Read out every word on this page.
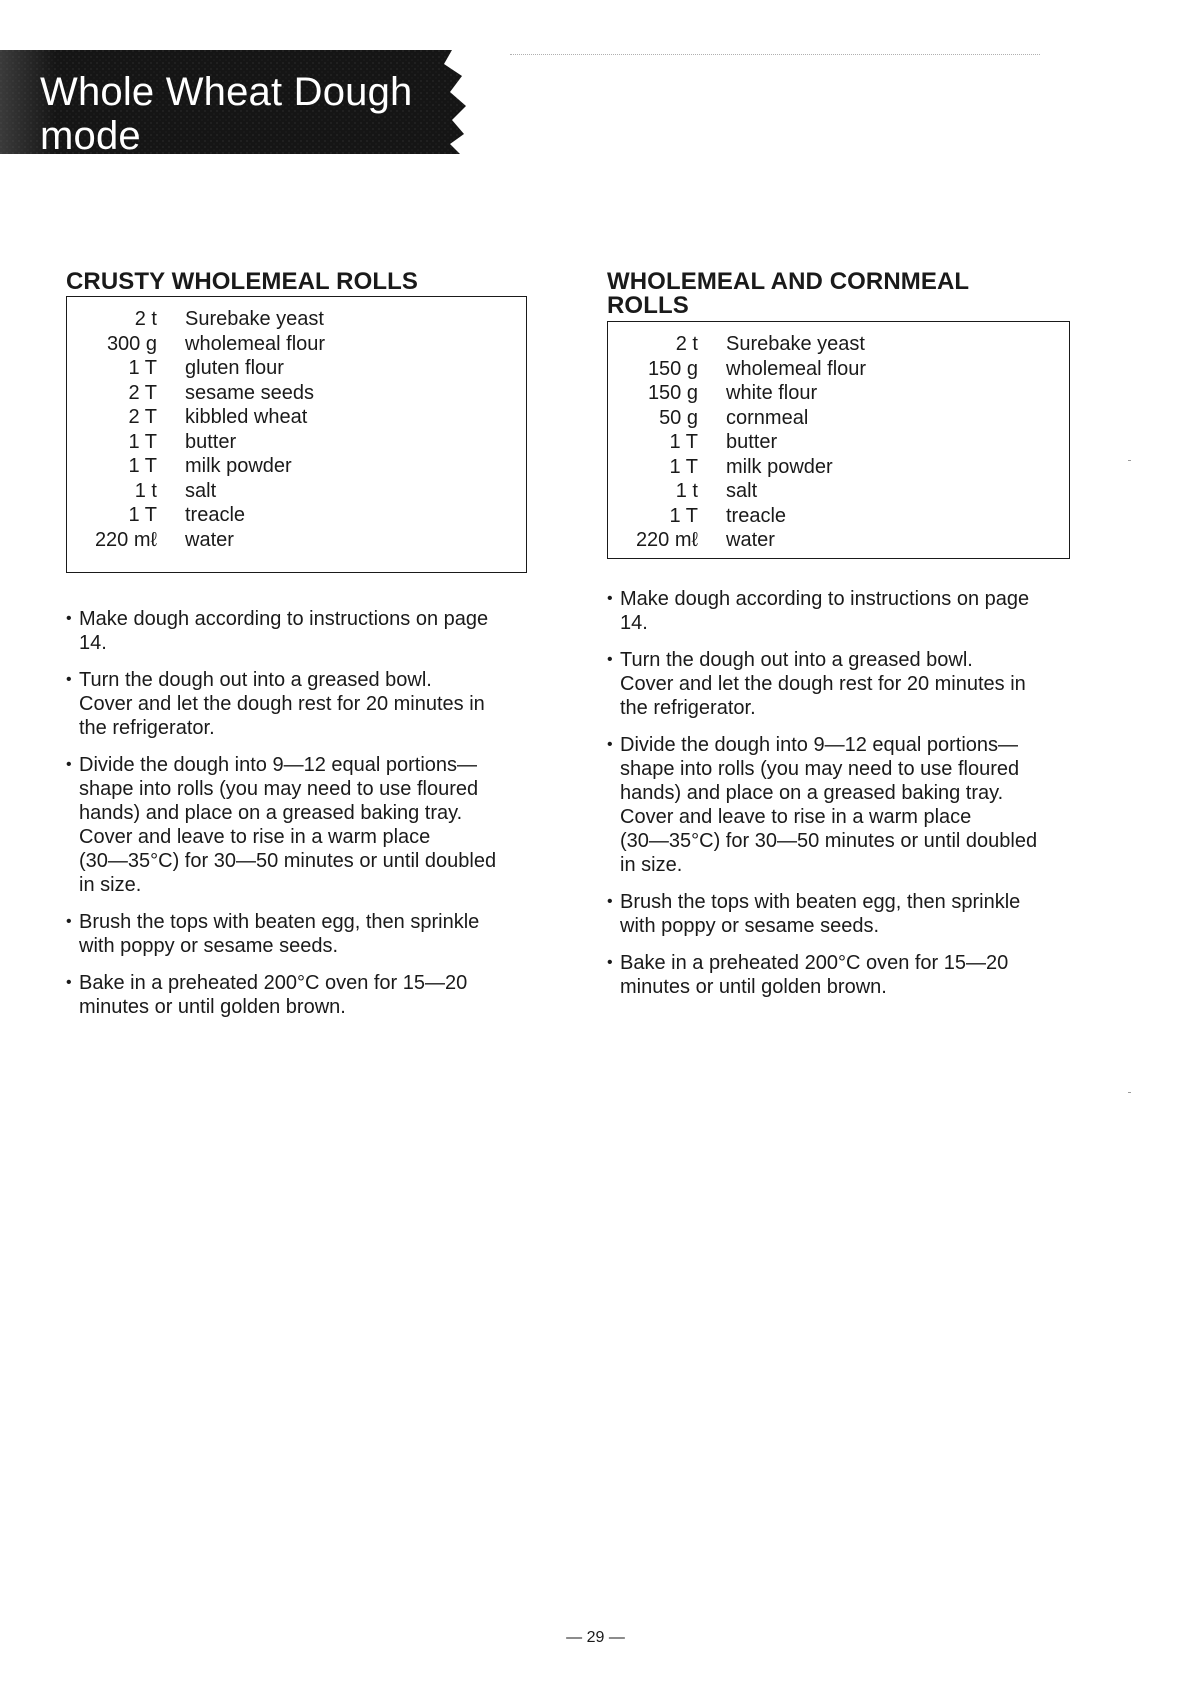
Whole Wheat Dough
mode
CRUSTY WHOLEMEAL ROLLS
2 t	Surebake yeast
300 g	wholemeal flour
1 T	gluten flour
2 T	sesame seeds
2 T	kibbled wheat
1 T	butter
1 T	milk powder
1 t	salt
1 T	treacle
220 mℓ	water
• Make dough according to instructions on page
14.
• Turn the dough out into a greased bowl.
Cover and let the dough rest for 20 minutes in
the refrigerator.
• Divide the dough into 9—12 equal portions—
shape into rolls (you may need to use floured
hands) and place on a greased baking tray.
Cover and leave to rise in a warm place
(30—35°C) for 30—50 minutes or until doubled
in size.
• Brush the tops with beaten egg, then sprinkle
with poppy or sesame seeds.
• Bake in a preheated 200°C oven for 15—20
minutes or until golden brown.
WHOLEMEAL AND CORNMEAL
ROLLS
2 t	Surebake yeast
150 g	wholemeal flour
150 g	white flour
50 g	cornmeal
1 T	butter
1 T	milk powder
1 t	salt
1 T	treacle
220 mℓ	water
• Make dough according to instructions on page
14.
• Turn the dough out into a greased bowl.
Cover and let the dough rest for 20 minutes in
the refrigerator.
• Divide the dough into 9—12 equal portions—
shape into rolls (you may need to use floured
hands) and place on a greased baking tray.
Cover and leave to rise in a warm place
(30—35°C) for 30—50 minutes or until doubled
in size.
• Brush the tops with beaten egg, then sprinkle
with poppy or sesame seeds.
• Bake in a preheated 200°C oven for 15—20
minutes or until golden brown.
— 29 —
